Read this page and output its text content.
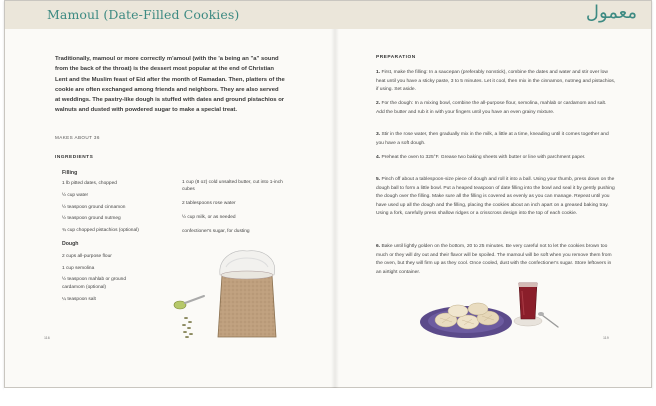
Mamoul (Date-Filled Cookies)	معمول
Traditionally, mamoul or more correctly m'amoul (with the 'a being an "a" sound from the back of the throat) is the dessert most popular at the end of Christian Lent and the Muslim feast of Eid after the month of Ramadan. Then, platters of the cookie are often exchanged among friends and neighbors. They are also served at weddings. The pastry-like dough is stuffed with dates and ground pistachios or walnuts and dusted with powdered sugar to make a special treat.
MAKES ABOUT 36
INGREDIENTS
Filling
1 lb pitted dates, chopped
½ cup water
½ teaspoon ground cinnamon
½ teaspoon ground nutmeg
¾ cup chopped pistachios (optional)
Dough
2 cups all-purpose flour
1 cup semolina
½ teaspoon mahlab or ground
cardamom (optional)
¼ teaspoon salt
1 cup (8 oz) cold unsalted butter, cut into 1-inch cubes
2 tablespoons rose water
½ cup milk, or as needed
confectioner's sugar, for dusting
116
PREPARATION
1. First, make the filling: In a saucepan (preferably nonstick), combine the dates and water and stir over low heat until you have a sticky paste, 3 to 5 minutes. Let it cool, then mix in the cinnamon, nutmeg and pistachios, if using. Set aside.
2. For the dough: In a mixing bowl, combine the all-purpose flour, semolina, mahlab or cardamom and salt. Add the butter and rub it in with your fingers until you have an even grainy mixture.
3. Stir in the rose water, then gradually mix in the milk, a little at a time, kneading until it comes together and you have a soft dough.
4. Preheat the oven to 325°F. Grease two baking sheets with butter or line with parchment paper.
5. Pinch off about a tablespoon-size piece of dough and roll it into a ball. Using your thumb, press down on the dough ball to form a little bowl. Put a heaped teaspoon of date filling into the bowl and seal it by gently pushing the dough over the filling. Make sure all the filling is covered as evenly as you can manage. Repeat until you have used up all the dough and the filling, placing the cookies about an inch apart on a greased baking tray. Using a fork, carefully press shallow ridges or a crisscross design into the top of each cookie.
6. Bake until lightly golden on the bottom, 20 to 25 minutes. Be very careful not to let the cookies brown too much or they will dry out and their flavor will be spoiled. The mamoul will be soft when you remove them from the oven, but they will firm up as they cool. Once cooled, dust with the confectioner's sugar. Store leftovers in an airtight container.
119
